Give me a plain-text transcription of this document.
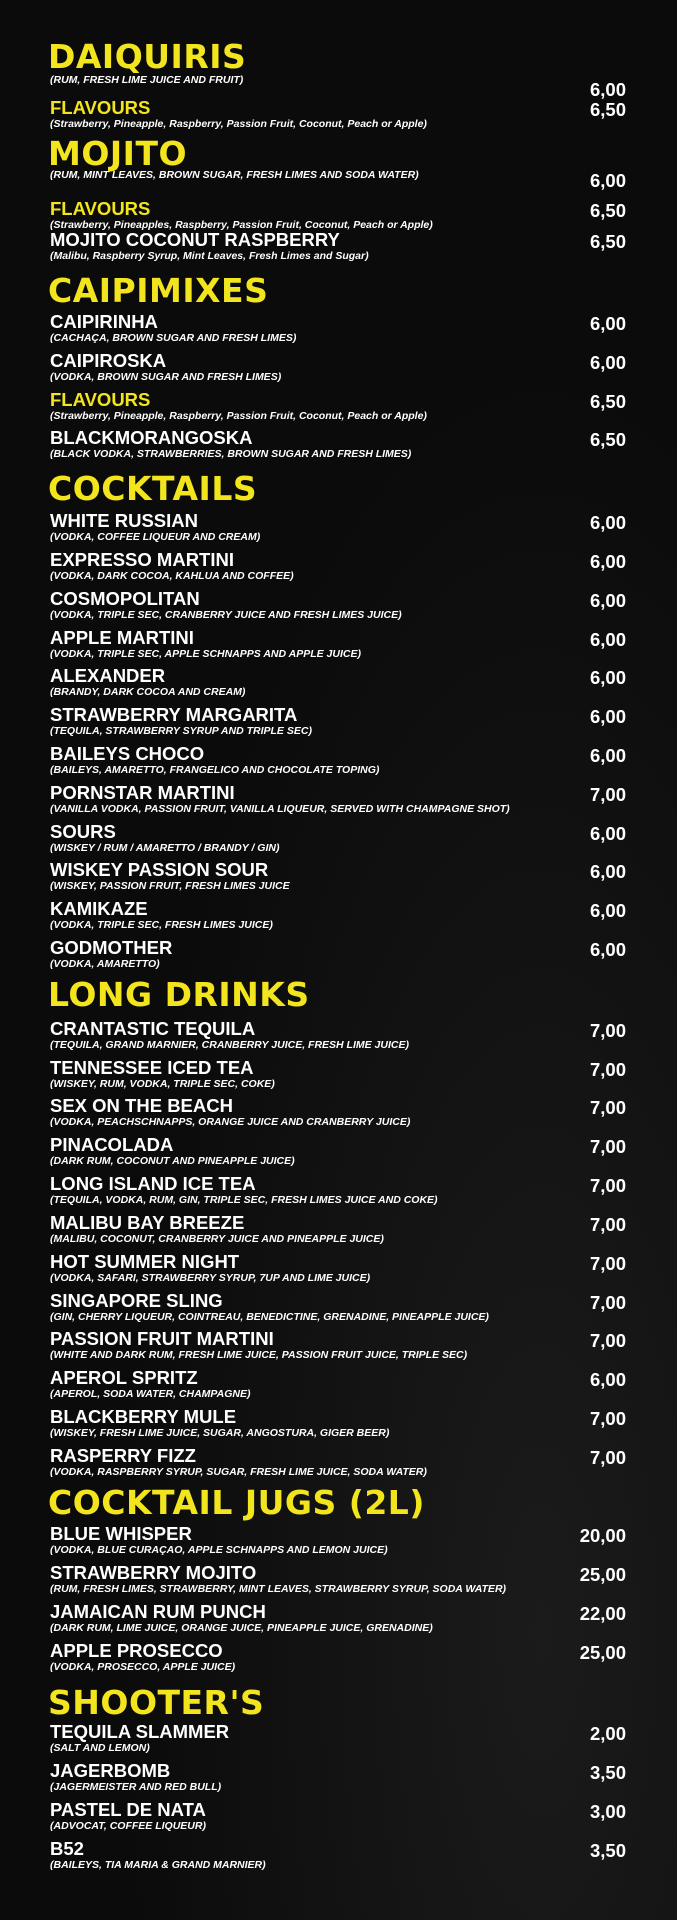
DAIQUIRIS
(RUM, FRESH LIME JUICE AND FRUIT)	6,00
FLAVOURS
(Strawberry, Pineapple, Raspberry, Passion Fruit, Coconut, Peach or Apple)
6,50
MOJITO
(RUM, MINT LEAVES, BROWN SUGAR, FRESH LIMES AND SODA WATER)	6,00
FLAVOURS
(Strawberry, Pineapples, Raspberry, Passion Fruit, Coconut, Peach or Apple)
6,50
MOJITO COCONUT RASPBERRY
(Malibu, Raspberry Syrup, Mint Leaves, Fresh Limes and Sugar)
6,50
CAIPIMIXES
CAIPIRINHA
(CACHAÇA, BROWN SUGAR AND FRESH LIMES)
6,00
CAIPIROSKA
(VODKA, BROWN SUGAR AND FRESH LIMES)
6,00
FLAVOURS
(Strawberry, Pineapple, Raspberry, Passion Fruit, Coconut, Peach or Apple)
6,50
BLACKMORANGOSKA
(BLACK VODKA, STRAWBERRIES, BROWN SUGAR AND FRESH LIMES)
6,50
COCKTAILS
WHITE RUSSIAN
(VODKA, COFFEE LIQUEUR AND CREAM)
6,00
EXPRESSO MARTINI
(VODKA, DARK COCOA, KAHLUA AND COFFEE)
6,00
COSMOPOLITAN
(VODKA, TRIPLE SEC, CRANBERRY JUICE AND FRESH LIMES JUICE)
6,00
APPLE MARTINI
(VODKA, TRIPLE SEC, APPLE SCHNAPPS AND APPLE JUICE)
6,00
ALEXANDER
(BRANDY, DARK COCOA AND CREAM)
6,00
STRAWBERRY MARGARITA
(TEQUILA, STRAWBERRY SYRUP AND TRIPLE SEC)
6,00
BAILEYS CHOCO
(BAILEYS, AMARETTO, FRANGELICO AND CHOCOLATE TOPING)
6,00
PORNSTAR MARTINI
(VANILLA VODKA, PASSION FRUIT, VANILLA LIQUEUR, SERVED WITH CHAMPAGNE SHOT)
7,00
SOURS
(WISKEY / RUM / AMARETTO / BRANDY / GIN)
6,00
WISKEY PASSION SOUR
(WISKEY, PASSION FRUIT, FRESH LIMES JUICE
6,00
KAMIKAZE
(VODKA, TRIPLE SEC, FRESH LIMES JUICE)
6,00
GODMOTHER
(VODKA, AMARETTO)
6,00
LONG DRINKS
CRANTASTIC TEQUILA
(TEQUILA, GRAND MARNIER, CRANBERRY JUICE, FRESH LIME JUICE)
7,00
TENNESSEE ICED TEA
(WISKEY, RUM, VODKA, TRIPLE SEC, COKE)
7,00
SEX ON THE BEACH
(VODKA, PEACHSCHNAPPS, ORANGE JUICE AND CRANBERRY JUICE)
7,00
PINACOLADA
(DARK RUM, COCONUT AND PINEAPPLE JUICE)
7,00
LONG ISLAND ICE TEA
(TEQUILA, VODKA, RUM, GIN, TRIPLE SEC, FRESH LIMES JUICE AND COKE)
7,00
MALIBU BAY BREEZE
(MALIBU, COCONUT, CRANBERRY JUICE AND PINEAPPLE JUICE)
7,00
HOT SUMMER NIGHT
(VODKA, SAFARI, STRAWBERRY SYRUP, 7UP AND LIME JUICE)
7,00
SINGAPORE SLING
(GIN, CHERRY LIQUEUR, COINTREAU, BENEDICTINE, GRENADINE, PINEAPPLE JUICE)
7,00
PASSION FRUIT MARTINI
(WHITE AND DARK RUM, FRESH LIME JUICE, PASSION FRUIT JUICE, TRIPLE SEC)
7,00
APEROL SPRITZ
(APEROL, SODA WATER, CHAMPAGNE)
6,00
BLACKBERRY MULE
(WISKEY, FRESH LIME JUICE, SUGAR, ANGOSTURA, GIGER BEER)
7,00
RASPERRY FIZZ
(VODKA, RASPBERRY SYRUP, SUGAR, FRESH LIME JUICE, SODA WATER)
7,00
COCKTAIL JUGS (2L)
BLUE WHISPER
(VODKA, BLUE CURAÇAO, APPLE SCHNAPPS AND LEMON JUICE)
20,00
STRAWBERRY MOJITO
(RUM, FRESH LIMES, STRAWBERRY, MINT LEAVES, STRAWBERRY SYRUP, SODA WATER)
25,00
JAMAICAN RUM PUNCH
(DARK RUM, LIME JUICE, ORANGE JUICE, PINEAPPLE JUICE, GRENADINE)
22,00
APPLE PROSECCO
(VODKA, PROSECCO, APPLE JUICE)
25,00
SHOOTER'S
TEQUILA SLAMMER
(SALT AND LEMON)
2,00
JAGERBOMB
(JAGERMEISTER AND RED BULL)
3,50
PASTEL DE NATA
(ADVOCAT, COFFEE LIQUEUR)
3,00
B52
(BAILEYS, TIA MARIA & GRAND MARNIER)
3,50
